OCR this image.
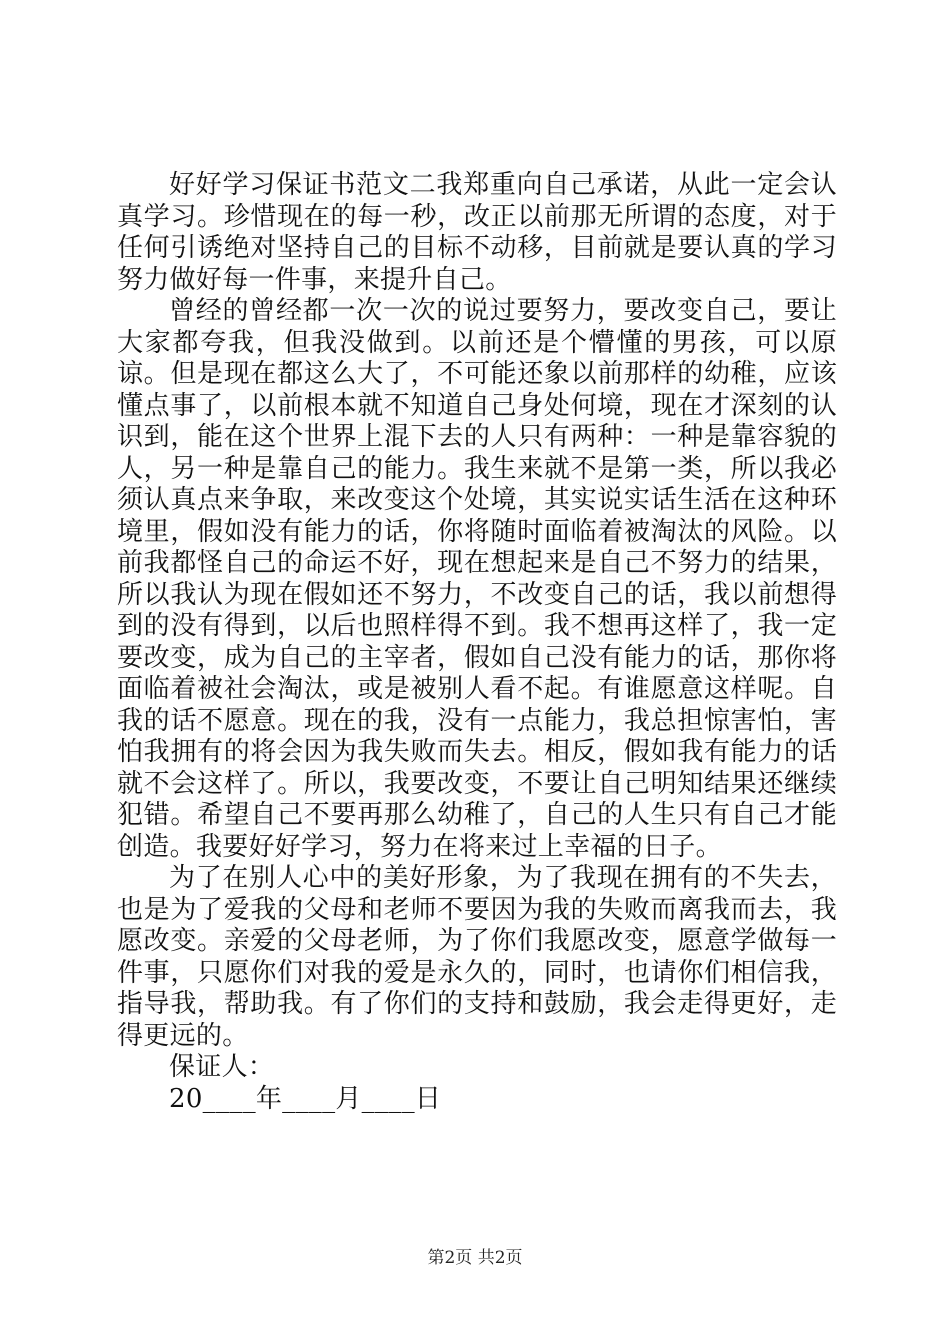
好好学习保证书范文二我郑重向自己承诺，从此一定会认真学习。珍惜现在的每一秒，改正以前那无所谓的态度，对于任何引诱绝对坚持自己的目标不动移，目前就是要认真的学习努力做好每一件事，来提升自己。

曾经的曾经都一次一次的说过要努力，要改变自己，要让大家都夸我，但我没做到。以前还是个懵懂的男孩，可以原谅。但是现在都这么大了，不可能还象以前那样的幼稚，应该懂点事了，以前根本就不知道自己身处何境，现在才深刻的认识到，能在这个世界上混下去的人只有两种：一种是靠容貌的人，另一种是靠自己的能力。我生来就不是第一类，所以我必须认真点来争取，来改变这个处境，其实说实话生活在这种环境里，假如没有能力的话，你将随时面临着被淘汰的风险。以前我都怪自己的命运不好，现在想起来是自己不努力的结果，所以我认为现在假如还不努力，不改变自己的话，我以前想得到的没有得到，以后也照样得不到。我不想再这样了，我一定要改变，成为自己的主宰者，假如自己没有能力的话，那你将面临着被社会淘汰，或是被别人看不起。有谁愿意这样呢。自我的话不愿意。现在的我，没有一点能力，我总担惊害怕，害怕我拥有的将会因为我失败而失去。相反，假如我有能力的话就不会这样了。所以，我要改变，不要让自己明知结果还继续犯错。希望自己不要再那么幼稚了，自己的人生只有自己才能创造。我要好好学习，努力在将来过上幸福的日子。

为了在别人心中的美好形象，为了我现在拥有的不失去，也是为了爱我的父母和老师不要因为我的失败而离我而去，我愿改变。亲爱的父母老师，为了你们我愿改变，愿意学做每一件事，只愿你们对我的爱是永久的，同时，也请你们相信我，指导我，帮助我。有了你们的支持和鼓励，我会走得更好，走得更远的。

保证人：

20____年____月____日

第2页 共2页
